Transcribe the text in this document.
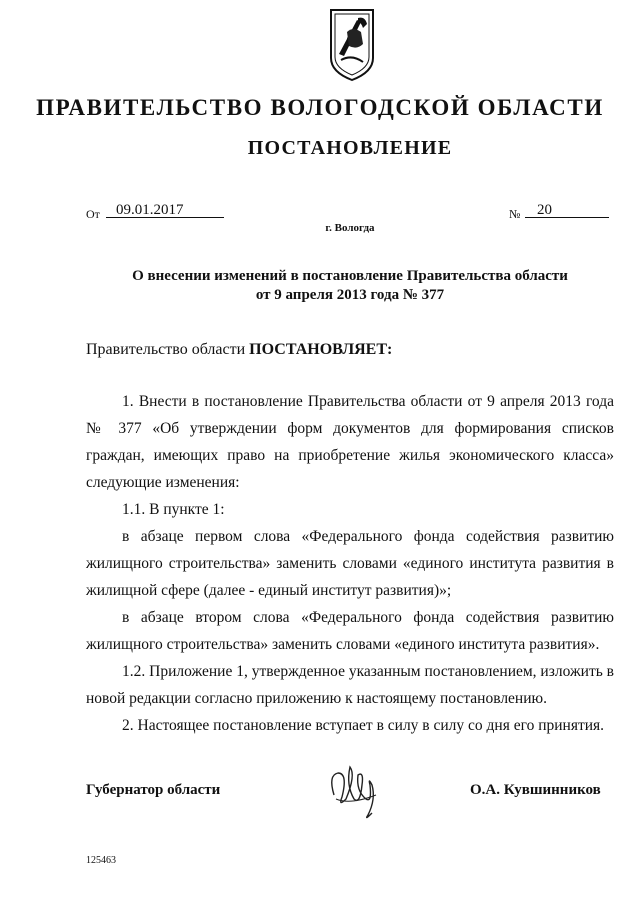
ПРАВИТЕЛЬСТВО ВОЛОГОДСКОЙ ОБЛАСТИ
ПОСТАНОВЛЕНИЕ
От	09.01.2017	№	20
г. Вологда
О внесении изменений в постановление Правительства области
от 9 апреля 2013 года № 377
Правительство области ПОСТАНОВЛЯЕТ:
1. Внести в постановление Правительства области от 9 апреля 2013 года № 377 «Об утверждении форм документов для формирования списков граждан, имеющих право на приобретение жилья экономического класса» следующие изменения:
1.1. В пункте 1:
в абзаце первом слова «Федерального фонда содействия развитию жилищного строительства» заменить словами «единого института развития в жилищной сфере (далее - единый институт развития)»;
в абзаце втором слова «Федерального фонда содействия развитию жилищного строительства» заменить словами «единого института развития».
1.2. Приложение 1, утвержденное указанным постановлением, изложить в новой редакции согласно приложению к настоящему постановлению.
2. Настоящее постановление вступает в силу в силу со дня его принятия.
Губернатор области	О.А. Кувшинников
125463
